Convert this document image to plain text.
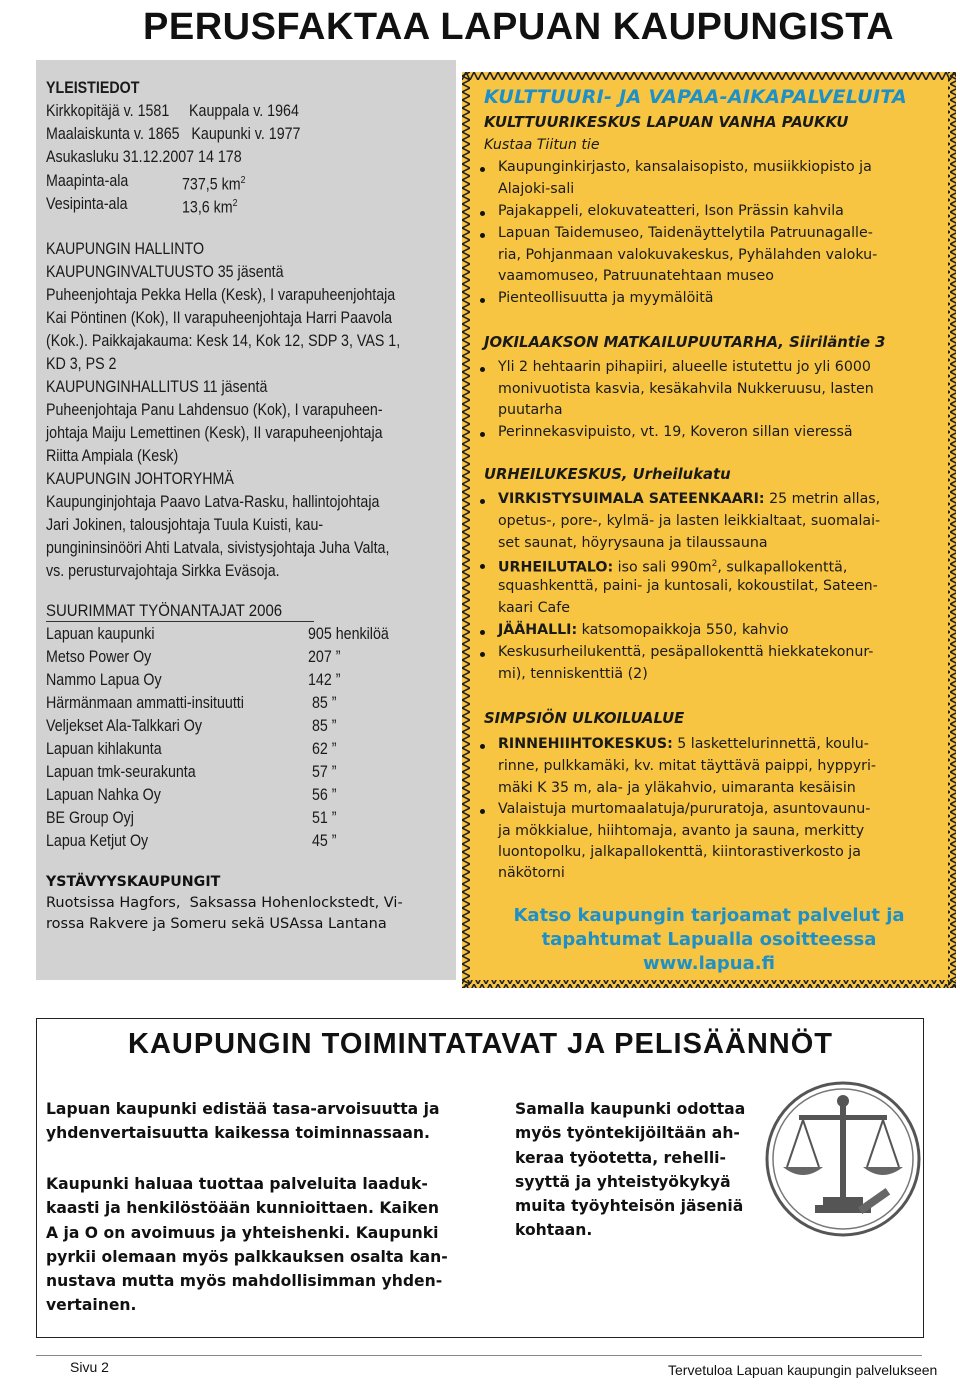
PERUSFAKTAA LAPUAN KAUPUNGISTA
YLEISTIEDOT
Kirkkopitäjä v. 1581     Kauppala v. 1964
Maalaiskunta v. 1865   Kaupunki v. 1977
Asukasluku 31.12.2007 14 178
Maapinta-ala	737,5 $km^2$
Vesipinta-ala	13,6 $km^2$
KAUPUNGIN HALLINTO
KAUPUNGINVALTUUSTO 35 jäsentä
Puheenjohtaja Pekka Hella (Kesk), I varapuheenjohtaja
Kai Pöntinen (Kok), II varapuheenjohtaja Harri Paavola
(Kok.). Paikkajakauma: Kesk 14, Kok 12, SDP 3, VAS 1,
KD 3, PS 2
KAUPUNGINHALLITUS 11 jäsentä
Puheenjohtaja Panu Lahdensuo (Kok), I varapuheen-
johtaja Maiju Lemettinen (Kesk), II varapuheenjohtaja
Riitta Ampiala (Kesk)
KAUPUNGIN JOHTORYHMÄ
Kaupunginjohtaja Paavo Latva-Rasku, hallintojohtaja
Jari Jokinen, talousjohtaja Tuula Kuisti, kau-
pungininsinööri Ahti Latvala, sivistysjohtaja Juha Valta,
vs. perusturvajohtaja Sirkka Eväsoja.
SUURIMMAT TYÖNANTAJAT 2006
Lapuan kaupunki	905 henkilöä
Metso Power Oy	207 ”
Nammo Lapua Oy	142 ”
Härmänmaan ammatti-insituutti	85 ”
Veljekset Ala-Talkkari Oy	85 ”
Lapuan kihlakunta	62 ”
Lapuan tmk-seurakunta	57 ”
Lapuan Nahka Oy	56 ”
BE Group Oyj	51 ”
Lapua Ketjut Oy	45 ”
YSTÄVYYSKAUPUNGIT
Ruotsissa Hagfors,  Saksassa Hohenlockstedt, Vi-
rossa Rakvere ja Someru sekä USAssa Lantana
KULTTUURI- JA VAPAA-AIKAPALVELUITA
KULTTUURIKESKUS LAPUAN VANHA PAUKKU
Kustaa Tiitun tie
Kaupunginkirjasto, kansalaisopisto, musiikkiopisto ja
Alajoki-sali
Pajakappeli, elokuvateatteri, Ison Prässin kahvila
Lapuan Taidemuseo, Taidenäyttelytila Patruunagalle-
ria, Pohjanmaan valokuvakeskus, Pyhälahden valoku-
vaamomuseo, Patruunatehtaan museo
Pienteollisuutta ja myymälöitä
JOKILAAKSON MATKAILUPUUTARHA, Siiriläntie 3
Yli 2 hehtaarin pihapiiri, alueelle istutettu jo yli 6000
monivuotista kasvia, kesäkahvila Nukkeruusu, lasten
puutarha
Perinnekasvipuisto, vt. 19, Koveron sillan vieressä
URHEILUKESKUS, Urheilukatu
VIRKISTYSUIMALA SATEENKAARI: 25 metrin allas,
opetus-, pore-, kylmä- ja lasten leikkialtaat, suomalai-
set saunat, höyrysauna ja tilaussauna
URHEILUTALO: iso sali $990m^2$, sulkapallokenttä,
squashkenttä, paini- ja kuntosali, kokoustilat, Sateen-
kaari Cafe
JÄÄHALLI: katsomopaikkoja 550, kahvio
Keskusurheilukenttä, pesäpallokenttä hiekkatekonur-
mi), tenniskenttiä (2)
SIMPSIÖN ULKOILUALUE
RINNEHIIHTOKESKUS: 5 laskettelurinnettä, koulu-
rinne, pulkkamäki, kv. mitat täyttävä paippi, hyppyri-
mäki K 35 m, ala- ja yläkahvio, uimaranta kesäisin
Valaistuja murtomaalatuja/pururatoja, asuntovaunu-
ja mökkialue, hiihtomaja, avanto ja sauna, merkitty
luontopolku, jalkapallokenttä, kiintorastiverkosto ja
näkötorni
Katso kaupungin tarjoamat palvelut ja
tapahtumat Lapualla osoitteessa
www.lapua.fi
KAUPUNGIN TOIMINTATAVAT JA PELISÄÄNNÖT
Lapuan kaupunki edistää tasa-arvoisuutta ja
yhdenvertaisuutta kaikessa toiminnassaan.
Kaupunki haluaa tuottaa palveluita laaduk-
kaasti ja henkilöstöään kunnioittaen. Kaiken
A ja O on avoimuus ja yhteishenki. Kaupunki
pyrkii olemaan myös palkkauksen osalta kan-
nustava mutta myös mahdollisimman yhden-
vertainen.
Samalla kaupunki odottaa
myös työntekijöiltään ah-
kerаa työotetta, rehelli-
syyttä ja yhteistyökykyä
muita työyhteisön jäseniä
kohtaan.
Sivu 2	Tervetuloa Lapuan kaupungin palvelukseen
